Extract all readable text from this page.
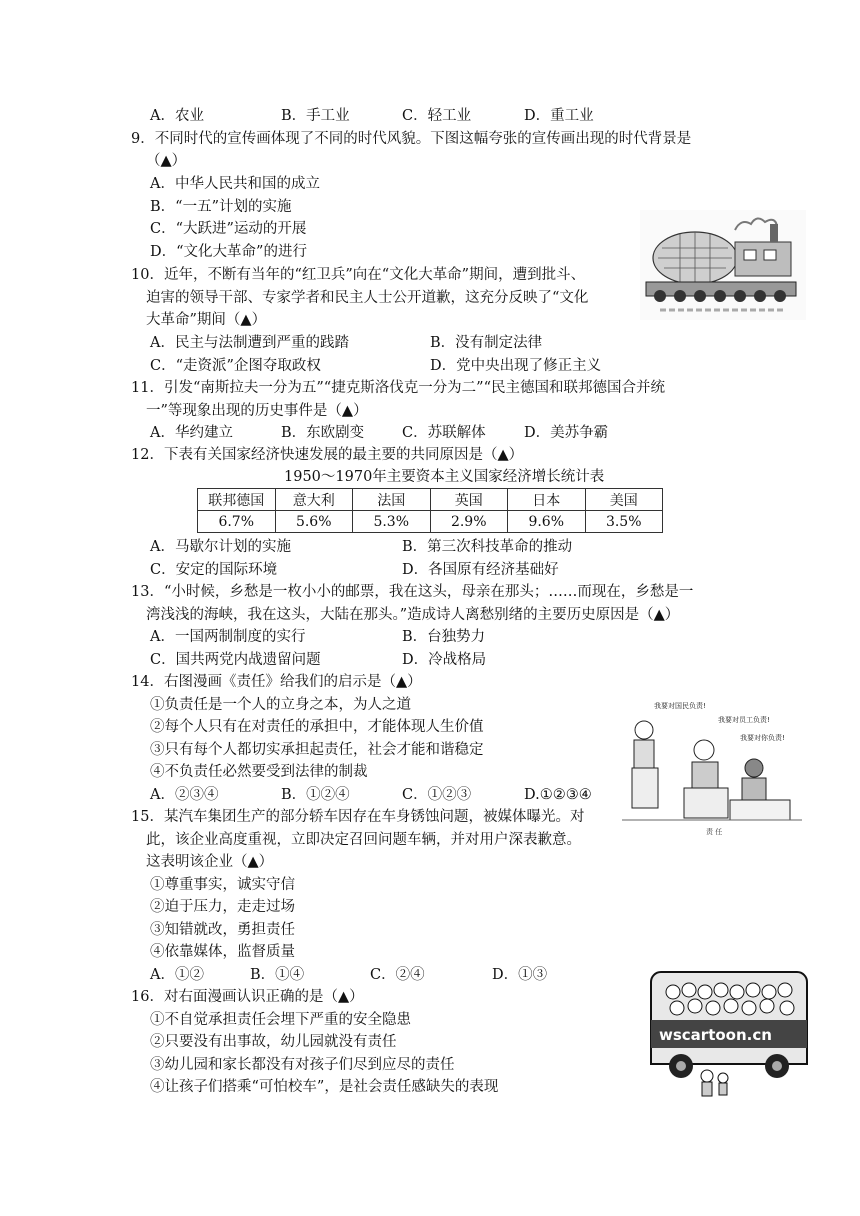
A．农业	B．手工业	C．轻工业	D．重工业
9．不同时代的宣传画体现了不同的时代风貌。下图这幅夸张的宣传画出现的时代背景是
（▲）
A．中华人民共和国的成立
B．“一五”计划的实施
C．“大跃进”运动的开展
D．“文化大革命”的进行
10．近年，不断有当年的“红卫兵”向在“文化大革命”期间，遭到批斗、
迫害的领导干部、专家学者和民主人士公开道歉，这充分反映了“文化
大革命”期间（▲）
A．民主与法制遭到严重的践踏	B．没有制定法律
C．“走资派”企图夺取政权	D．党中央出现了修正主义
11．引发“南斯拉夫一分为五”“捷克斯洛伐克一分为二”“民主德国和联邦德国合并统
一”等现象出现的历史事件是（▲）
A．华约建立	B．东欧剧变	C．苏联解体	D．美苏争霸
12．下表有关国家经济快速发展的最主要的共同原因是（▲）
1950～1970年主要资本主义国家经济增长统计表
联邦德国	意大利	法国	英国	日本	美国
6.7%	5.6%	5.3%	2.9%	9.6%	3.5%
A．马歇尔计划的实施	B．第三次科技革命的推动
C．安定的国际环境	D．各国原有经济基础好
13．“小时候，乡愁是一枚小小的邮票，我在这头，母亲在那头；……而现在，乡愁是一
湾浅浅的海峡，我在这头，大陆在那头。”造成诗人离愁别绪的主要历史原因是（▲）
A．一国两制制度的实行	B．台独势力
C．国共两党内战遗留问题	D．冷战格局
14．右图漫画《责任》给我们的启示是（▲）
①负责任是一个人的立身之本，为人之道
②每个人只有在对责任的承担中，才能体现人生价值
③只有每个人都切实承担起责任，社会才能和谐稳定
④不负责任必然要受到法律的制裁
A．②③④	B．①②④	C．①②③	D.①②③④
我要对国民负责!
我要对员工负责!
我要对你负责!
责 任
15．某汽车集团生产的部分轿车因存在车身锈蚀问题，被媒体曝光。对
此，该企业高度重视，立即决定召回问题车辆，并对用户深表歉意。
这表明该企业（▲）
①尊重事实，诚实守信
②迫于压力，走走过场
③知错就改，勇担责任
④依靠媒体，监督质量
A．①②	B．①④	C．②④	D．①③
16．对右面漫画认识正确的是（▲）
①不自觉承担责任会埋下严重的安全隐患
②只要没有出事故，幼儿园就没有责任
③幼儿园和家长都没有对孩子们尽到应尽的责任
④让孩子们搭乘“可怕校车”，是社会责任感缺失的表现
wscartoon.cn
